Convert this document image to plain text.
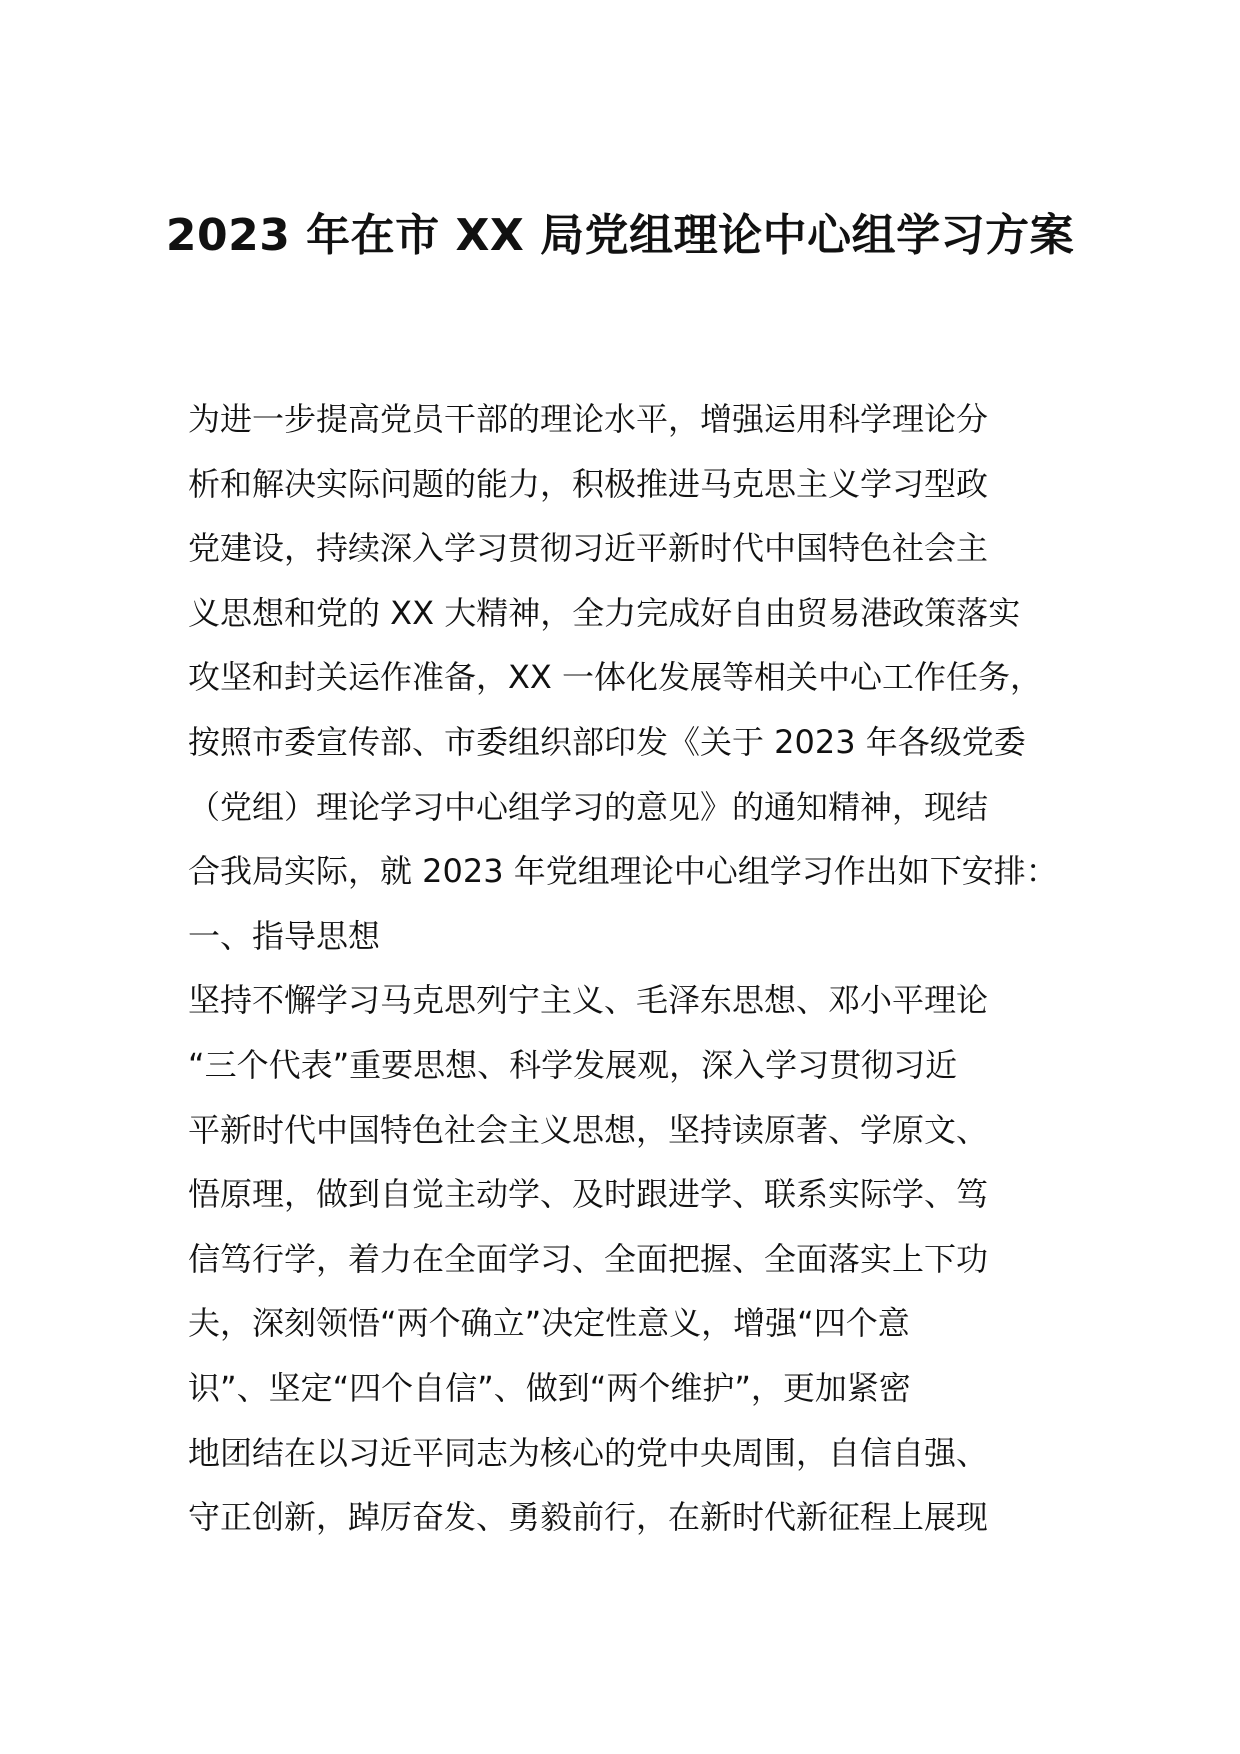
2023 年在市 XX 局党组理论中心组学习方案
为进一步提高党员干部的理论水平，增强运用科学理论分
析和解决实际问题的能力，积极推进马克思主义学习型政
党建设，持续深入学习贯彻习近平新时代中国特色社会主
义思想和党的 XX 大精神，全力完成好自由贸易港政策落实
攻坚和封关运作准备，XX 一体化发展等相关中心工作任务，
按照市委宣传部、市委组织部印发《关于 2023 年各级党委
（党组）理论学习中心组学习的意见》的通知精神，现结
合我局实际，就 2023 年党组理论中心组学习作出如下安排：
一、指导思想
坚持不懈学习马克思列宁主义、毛泽东思想、邓小平理论
“三个代表”重要思想、科学发展观，深入学习贯彻习近
平新时代中国特色社会主义思想，坚持读原著、学原文、
悟原理，做到自觉主动学、及时跟进学、联系实际学、笃
信笃行学，着力在全面学习、全面把握、全面落实上下功
夫，深刻领悟“两个确立”决定性意义，增强“四个意
识”、坚定“四个自信”、做到“两个维护”，更加紧密
地团结在以习近平同志为核心的党中央周围，自信自强、
守正创新，踔厉奋发、勇毅前行，在新时代新征程上展现
